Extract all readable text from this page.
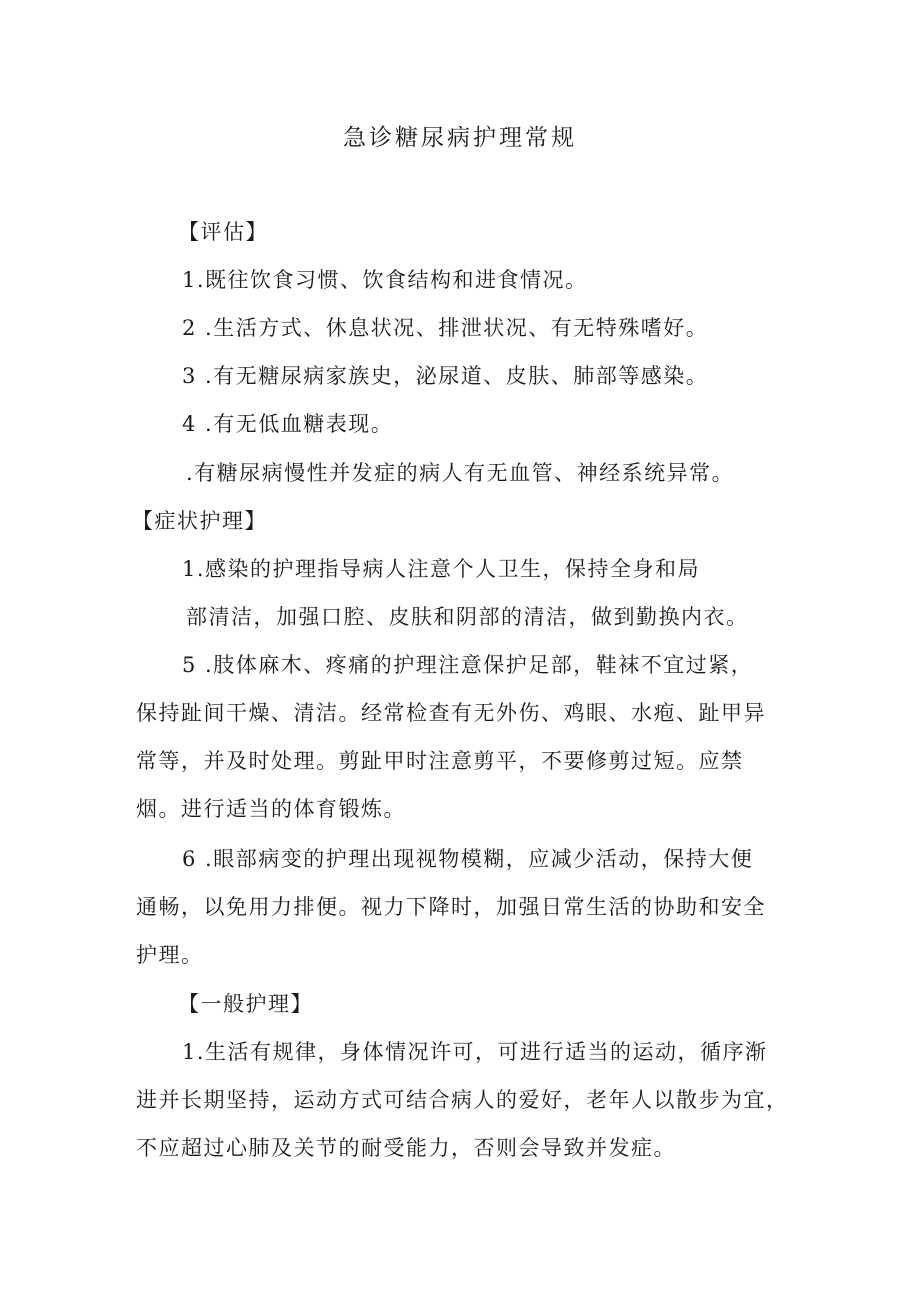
急诊糖尿病护理常规
【评估】
1.既往饮食习惯、饮食结构和进食情况。
2 .生活方式、休息状况、排泄状况、有无特殊嗜好。
3 .有无糖尿病家族史，泌尿道、皮肤、肺部等感染。
4 .有无低血糖表现。
.有糖尿病慢性并发症的病人有无血管、神经系统异常。
【症状护理】
1.感染的护理指导病人注意个人卫生，保持全身和局
部清洁，加强口腔、皮肤和阴部的清洁，做到勤换内衣。
5 .肢体麻木、疼痛的护理注意保护足部，鞋袜不宜过紧，
保持趾间干燥、清洁。经常检查有无外伤、鸡眼、水疱、趾甲异
常等，并及时处理。剪趾甲时注意剪平，不要修剪过短。应禁
烟。进行适当的体育锻炼。
6 .眼部病变的护理出现视物模糊，应减少活动，保持大便
通畅，以免用力排便。视力下降时，加强日常生活的协助和安全
护理。
【一般护理】
1.生活有规律，身体情况许可，可进行适当的运动，循序渐
进并长期坚持，运动方式可结合病人的爱好，老年人以散步为宜，
不应超过心肺及关节的耐受能力，否则会导致并发症。
